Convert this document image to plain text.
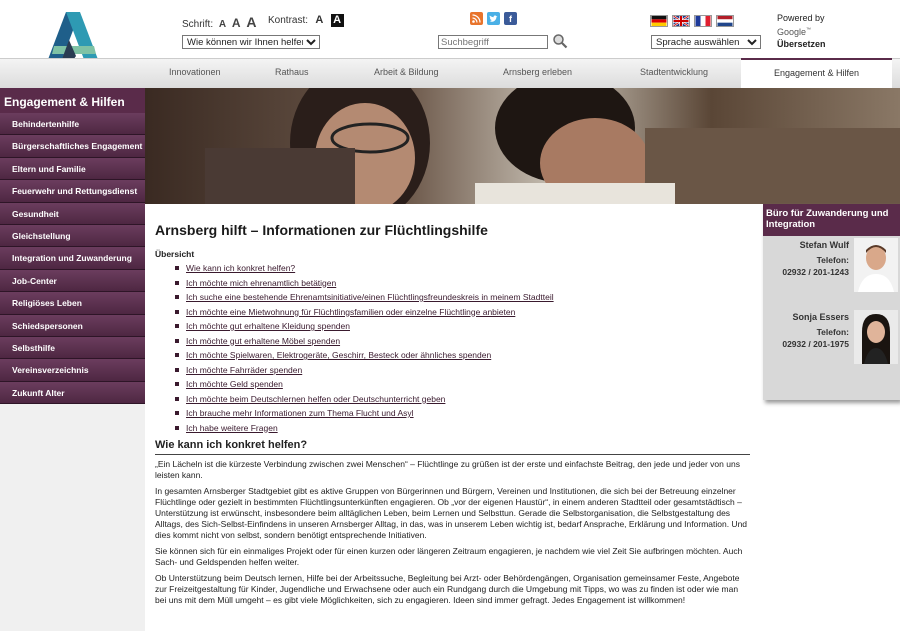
Schrift: A A A Kontrast: A A
Wie können wir Ihnen helfen?	f
Suchbegriff
Sprache auswählen	Powered by
Google™
Übersetzen
Innovationen	Rathaus	Arbeit & Bildung	Arnsberg erleben	Stadtentwicklung	Engagement & Hilfen
Engagement & Hilfen
Behindertenhilfe
Bürgerschaftliches Engagement
Eltern und Familie
Feuerwehr und Rettungsdienst
Gesundheit
Gleichstellung
Integration und Zuwanderung
Job-Center
Religiöses Leben
Schiedspersonen
Selbsthilfe
Vereinsverzeichnis
Zukunft Alter
Arnsberg hilft – Informationen zur Flüchtlingshilfe
Übersicht
Wie kann ich konkret helfen?
Ich möchte mich ehrenamtlich betätigen
Ich suche eine bestehende Ehrenamtsinitiative/einen Flüchtlingsfreundeskreis in meinem Stadtteil
Ich möchte eine Mietwohnung für Flüchtlingsfamilien oder einzelne Flüchtlinge anbieten
Ich möchte gut erhaltene Kleidung spenden
Ich möchte gut erhaltene Möbel spenden
Ich möchte Spielwaren, Elektrogeräte, Geschirr, Besteck oder ähnliches spenden
Ich möchte Fahrräder spenden
Ich möchte Geld spenden
Ich möchte beim Deutschlernen helfen oder Deutschunterricht geben
Ich brauche mehr Informationen zum Thema Flucht und Asyl
Ich habe weitere Fragen
Wie kann ich konkret helfen?

„Ein Lächeln ist die kürzeste Verbindung zwischen zwei Menschen“ – Flüchtlinge zu grüßen ist der erste und einfachste Beitrag, den jede und jeder von uns leisten kann.

In gesamten Arnsberger Stadtgebiet gibt es aktive Gruppen von Bürgerinnen und Bürgern, Vereinen und Institutionen, die sich bei der Betreuung einzelner Flüchtlinge oder gezielt in bestimmten Flüchtlingsunterkünften engagieren. Ob „vor der eigenen Haustür“, in einem anderen Stadtteil oder gesamtstädtisch – Unterstützung ist erwünscht, insbesondere beim alltäglichen Leben, beim Lernen und Selbsttun. Gerade die Selbstorganisation, die Selbstgestaltung des Alltags, des Sich-Selbst-Einfindens in unseren Arnsberger Alltag, in das, was in unserem Leben wichtig ist, bedarf Ansprache, Erklärung und Information. Und dies kommt nicht von selbst, sondern benötigt entsprechende Initiativen.

Sie können sich für ein einmaliges Projekt oder für einen kurzen oder längeren Zeitraum engagieren, je nachdem wie viel Zeit Sie aufbringen möchten. Auch Sach- und Geldspenden helfen weiter.

Ob Unterstützung beim Deutsch lernen, Hilfe bei der Arbeitssuche, Begleitung bei Arzt- oder Behördengängen, Organisation gemeinsamer Feste, Angebote zur Freizeitgestaltung für Kinder, Jugendliche und Erwachsene oder auch ein Rundgang durch die Umgebung mit Tipps, wo was zu finden ist oder wie man bei uns mit dem Müll umgeht – es gibt viele Möglichkeiten, sich zu engagieren. Ideen sind immer gefragt. Jedes Engagement ist willkommen!

Büro für Zuwanderung und Integration
Stefan Wulf
Telefon:
02932 / 201-1243
Sonja Essers
Telefon:
02932 / 201-1975
